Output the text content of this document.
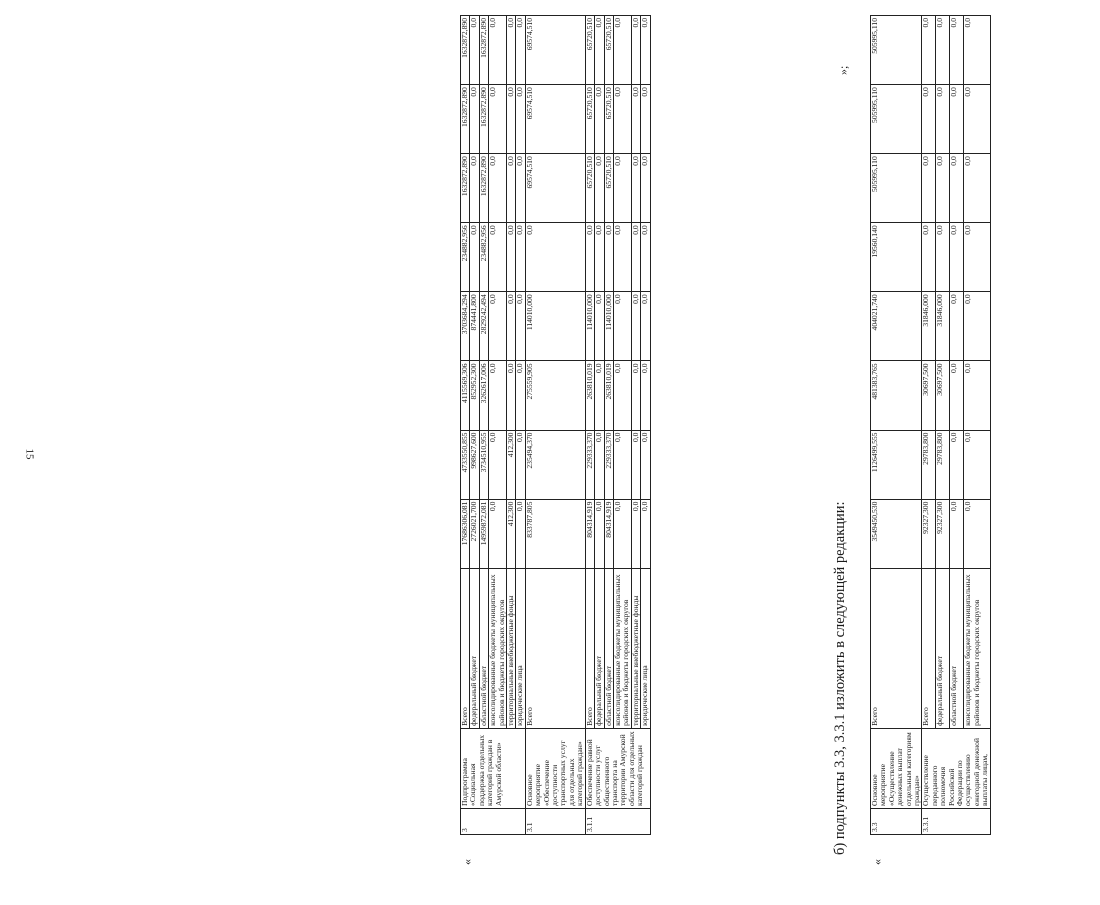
15
«
3	Подпрограмма «Социальная поддержка отдельных категорий граждан в Амурской области»	Всего	17686306,081	4733550,855	4115569,306	3703684,294	234882,956	1632872,890	1632872,890	1632872,890
		федеральный бюджет	2726021,700	998627,600	852952,300	874441,800	0,0	0,0	0,0	0,0
		областной бюджет	14959872,081	3734510,955	3262617,006	2829242,494	234882,956	1632872,890	1632872,890	1632872,890
		консолидированные бюджеты муниципальных районов и бюджеты городских округов	0,0	0,0	0,0	0,0	0,0	0,0	0,0	0,0
		территориальные внебюджетные фонды	412,300	412,300	0,0	0,0	0,0	0,0	0,0	0,0
		юридические лица	0,0	0,0	0,0	0,0	0,0	0,0	0,0	0,0
3.1	Основное мероприятие «Обеспечение доступности транспортных услуг для отдельных категорий граждан»	Всего	833787,805	235494,370	275559,905	114010,000	0,0	69574,510	69574,510	69574,510
3.1.1	Обеспечение равной доступности услуг общественного транспорта на территории Амурской области для отдельных категорий граждан	Всего	804314,919	229333,370	263810,019	114010,000	0,0	65720,510	65720,510	65720,510
		федеральный бюджет	0,0	0,0	0,0	0,0	0,0	0,0	0,0	0,0
		областной бюджет	804314,919	229333,370	263810,019	114010,000	0,0	65720,510	65720,510	65720,510
		консолидированные бюджеты муниципальных районов и бюджеты городских округов	0,0	0,0	0,0	0,0	0,0	0,0	0,0	0,0
		территориальные внебюджетные фонды	0,0	0,0	0,0	0,0	0,0	0,0	0,0	0,0
		юридические лица	0,0	0,0	0,0	0,0	0,0	0,0	0,0	0,0
б) подпункты 3.3, 3.3.1 изложить в следующей редакции:
»;
«
3.3	Основное мероприятие «Осуществление денежных выплат отдельным категориям граждан»	Всего	3549450,530	1126499,555	481383,765	404021,740	19560,140	505995,110	505995,110	505995,110
3.3.1	Осуществление переданного полномочия Российской Федерации по осуществлению ежегодной денежной выплаты лицам,	Всего	92327,300	29783,800	30697,500	31846,000	0,0	0,0	0,0	0,0
		федеральный бюджет	92327,300	29783,800	30697,500	31846,000	0,0	0,0	0,0	0,0
		областной бюджет	0,0	0,0	0,0	0,0	0,0	0,0	0,0	0,0
		консолидированные бюджеты муниципальных районов и бюджеты городских округов	0,0	0,0	0,0	0,0	0,0	0,0	0,0	0,0
